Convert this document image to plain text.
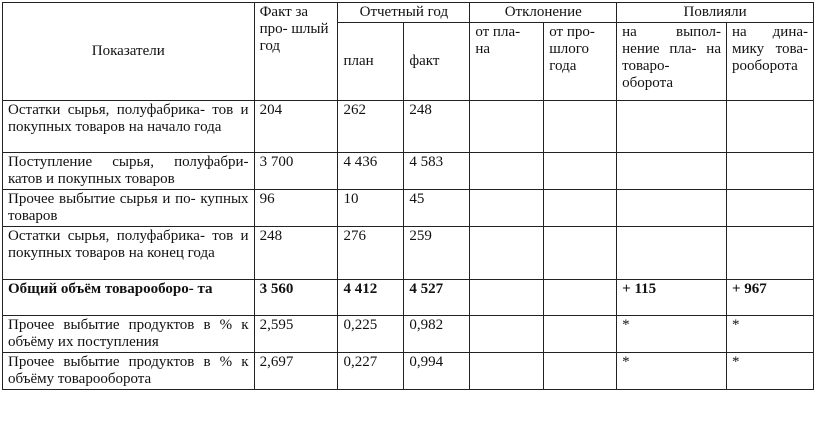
Показатели	Факт за про- шлый год	Отчетный год		Отклонение		Повлияли	
		план	факт	от пла- на	от про- шлого года	на выпол- нение пла- на товаро- оборота	на дина- мику това- рооборота
Остатки сырья, полуфабрика- тов и покупных товаров на начало года	204	262	248				
Поступление сырья, полуфабри- катов и покупных товаров	3 700	4 436	4 583				
Прочее выбытие сырья и по- купных товаров	96	10	45				
Остатки сырья, полуфабрика- тов и покупных товаров на конец года	248	276	259				
Общий объём товарооборо- та	3 560	4 412	4 527			+ 115	+ 967
Прочее выбытие продуктов в % к объёму их поступления	2,595	0,225	0,982			*	*
Прочее выбытие продуктов в % к объёму товарооборота	2,697	0,227	0,994			*	*
